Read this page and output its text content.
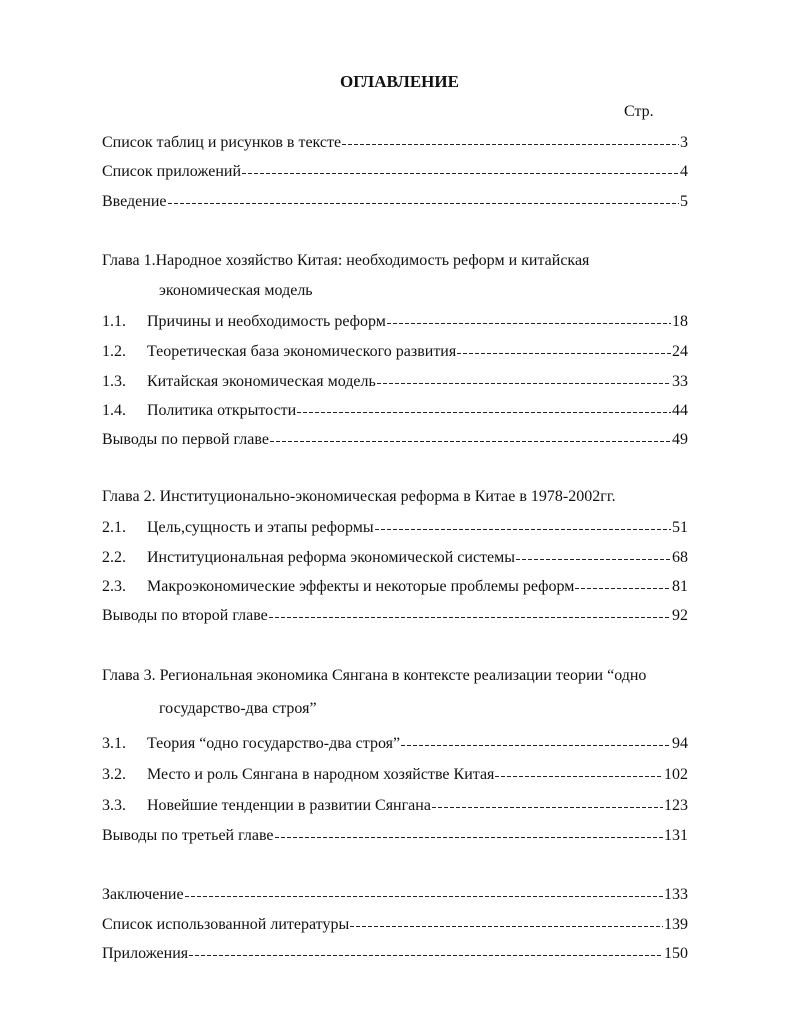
ОГЛАВЛЕНИЕ
Стр.
Список таблиц и рисунков в тексте	3
Список приложений	4
Введение	5
Глава 1.Народное хозяйство Китая: необходимость реформ и китайская
экономическая модель
1.1.	Причины и необходимость реформ	18
1.2.	Теоретическая база экономического развития	24
1.3.	Китайская экономическая модель	33
1.4.	Политика открытости	44
Выводы по первой главе	49
Глава 2. Институционально-экономическая реформа в Китае в 1978-2002гг.
2.1.	Цель,сущность и этапы реформы	51
2.2.	Институциональная реформа экономической системы	68
2.3.	Макроэкономические эффекты и некоторые проблемы реформ	81
Выводы по второй главе	92
Глава 3. Региональная экономика Сянгана в контексте реализации теории “одно
государство-два строя”
3.1.	Теория “одно государство-два строя”	94
3.2.	Место и роль Сянгана в народном хозяйстве Китая	102
3.3.	Новейшие тенденции в развитии Сянгана	123
Выводы по третьей главе	131
Заключение	133
Список использованной литературы	139
Приложения	150
